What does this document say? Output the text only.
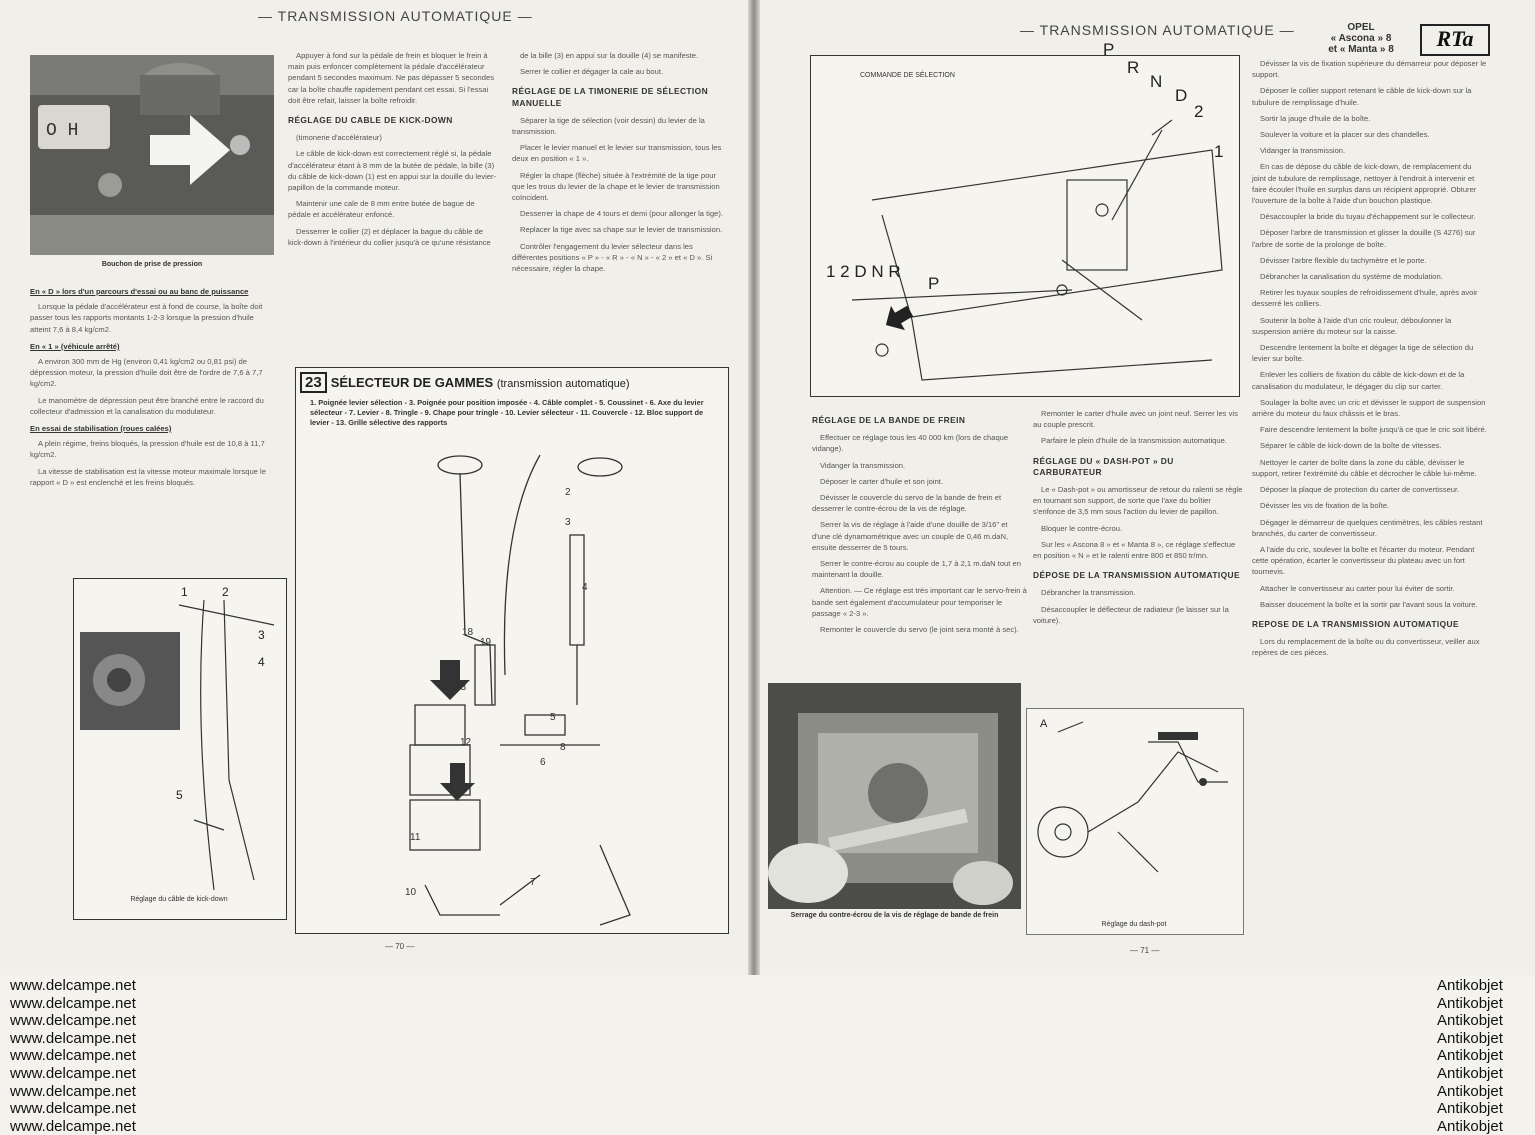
— TRANSMISSION AUTOMATIQUE —
— TRANSMISSION AUTOMATIQUE —	OPEL
« Ascona » 8
et « Manta » 8	RTa
O H
Bouchon de prise de pression

En « D » lors d'un parcours d'essai ou au banc de puissance

Lorsque la pédale d'accélérateur est à fond de course, la boîte doit passer tous les rapports montants 1-2-3 lorsque la pression d'huile atteint 7,6 à 8,4 kg/cm2.

En « 1 » (véhicule arrêté)

A environ 300 mm de Hg (environ 0,41 kg/cm2 ou 0,81 psi) de dépression moteur, la pression d'huile doit être de l'ordre de 7,6 à 7,7 kg/cm2.

Le manomètre de dépression peut être branché entre le raccord du collecteur d'admission et la canalisation du modulateur.

En essai de stabilisation (roues calées)

A plein régime, freins bloqués, la pression d'huile est de 10,8 à 11,7 kg/cm2.

La vitesse de stabilisation est la vitesse moteur maximale lorsque le rapport « D » est enclenché et les freins bloqués.

Appuyer à fond sur la pédale de frein et bloquer le frein à main puis enfoncer complètement la pédale d'accélérateur pendant 5 secondes maximum. Ne pas dépasser 5 secondes car la boîte chauffe rapidement pendant cet essai. Si l'essai doit être refait, laisser la boîte refroidir.

RÉGLAGE DU CABLE DE KICK-DOWN

(timonerie d'accélérateur)

Le câble de kick-down est correctement réglé si, la pédale d'accélérateur étant à 8 mm de la butée de pédale, la bille (3) du câble de kick-down (1) est en appui sur la douille du levier-papillon de la commande moteur.

Maintenir une cale de 8 mm entre butée de bague de pédale et accélérateur enfoncé.

Desserrer le collier (2) et déplacer la bague du câble de kick-down à l'intérieur du collier jusqu'à ce qu'une résistance

de la bille (3) en appui sur la douille (4) se manifeste.

Serrer le collier et dégager la cale au bout.

RÉGLAGE DE LA TIMONERIE DE SÉLECTION MANUELLE

Séparer la tige de sélection (voir dessin) du levier de la transmission.

Placer le levier manuel et le levier sur transmission, tous les deux en position « 1 ».

Régler la chape (flèche) située à l'extrémité de la tige pour que les trous du levier de la chape et le levier de transmission coïncident.

Desserrer la chape de 4 tours et demi (pour allonger la tige).

Replacer la tige avec sa chape sur le levier de transmission.

Contrôler l'engagement du levier sélecteur dans les différentes positions « P » - « R » - « N » - « 2 » et « D ». Si nécessaire, régler la chape.

23 SÉLECTEUR DE GAMMES (transmission automatique)
1. Poignée levier sélection - 3. Poignée pour position imposée - 4. Câble complet - 5. Coussinet - 6. Axe du levier sélecteur - 7. Levier - 8. Tringle - 9. Chape pour tringle - 10. Levier sélecteur - 11. Couvercle - 12. Bloc support de levier - 13. Grille sélective des rapports
2
3
4
18
19
13
12
5
8
6
11
10
7
1	2
3
4
5
Réglage du câble de kick-down
— 70 —
COMMANDE DE SÉLECTION
P
R
N
D
2
1
1 2 D N R
P
RÉGLAGE DE LA BANDE DE FREIN

Effectuer ce réglage tous les 40 000 km (lors de chaque vidange).

Vidanger la transmission.

Déposer le carter d'huile et son joint.

Dévisser le couvercle du servo de la bande de frein et desserrer le contre-écrou de la vis de réglage.

Serrer la vis de réglage à l'aide d'une douille de 3/16" et d'une clé dynamométrique avec un couple de 0,46 m.daN, ensuite desserrer de 5 tours.

Serrer le contre-écrou au couple de 1,7 à 2,1 m.daN tout en maintenant la douille.

Attention. — Ce réglage est très important car le servo-frein à bande sert également d'accumulateur pour temporiser le passage « 2-3 ».

Remonter le couvercle du servo (le joint sera monté à sec).

Remonter le carter d'huile avec un joint neuf. Serrer les vis au couple prescrit.

Parfaire le plein d'huile de la transmission automatique.

RÉGLAGE DU « DASH-POT » DU CARBURATEUR

Le « Dash-pot » ou amortisseur de retour du ralenti se règle en tournant son support, de sorte que l'axe du boîtier s'enfonce de 3,5 mm sous l'action du levier de papillon.

Bloquer le contre-écrou.

Sur les « Ascona 8 » et « Manta 8 », ce réglage s'effectue en position « N » et le ralenti entre 800 et 850 tr/mn.

DÉPOSE DE LA TRANSMISSION AUTOMATIQUE

Débrancher la transmission.

Désaccoupler le déflecteur de radiateur (le laisser sur la voiture).

Dévisser la vis de fixation supérieure du démarreur pour déposer le support.

Déposer le collier support retenant le câble de kick-down sur la tubulure de remplissage d'huile.

Sortir la jauge d'huile de la boîte.

Soulever la voiture et la placer sur des chandelles.

Vidanger la transmission.

En cas de dépose du câble de kick-down, de remplacement du joint de tubulure de remplissage, nettoyer à l'endroit à intervenir et faire écouler l'huile en surplus dans un récipient approprié. Obturer l'ouverture de la boîte à l'aide d'un bouchon plastique.

Désaccoupler la bride du tuyau d'échappement sur le collecteur.

Déposer l'arbre de transmission et glisser la douille (S 4276) sur l'arbre de sortie de la prolonge de boîte.

Dévisser l'arbre flexible du tachymètre et le porte.

Débrancher la canalisation du système de modulation.

Retirer les tuyaux souples de refroidissement d'huile, après avoir desserré les colliers.

Soutenir la boîte à l'aide d'un cric rouleur, déboulonner la suspension arrière du moteur sur la caisse.

Descendre lentement la boîte et dégager la tige de sélection du levier sur boîte.

Enlever les colliers de fixation du câble de kick-down et de la canalisation du modulateur, le dégager du clip sur carter.

Soulager la boîte avec un cric et dévisser le support de suspension arrière du moteur du faux châssis et le bras.

Faire descendre lentement la boîte jusqu'à ce que le cric soit libéré.

Séparer le câble de kick-down de la boîte de vitesses.

Nettoyer le carter de boîte dans la zone du câble, dévisser le support, retirer l'extrémité du câble et décrocher le câble lui-même.

Déposer la plaque de protection du carter de convertisseur.

Dévisser les vis de fixation de la boîte.

Dégager le démarreur de quelques centimètres, les câbles restant branchés, du carter de convertisseur.

A l'aide du cric, soulever la boîte et l'écarter du moteur. Pendant cette opération, écarter le convertisseur du plateau avec un fort tournevis.

Attacher le convertisseur au carter pour lui éviter de sortir.

Baisser doucement la boîte et la sortir par l'avant sous la voiture.

REPOSE DE LA TRANSMISSION AUTOMATIQUE

Lors du remplacement de la boîte ou du convertisseur, veiller aux repères de ces pièces.

Serrage du contre-écrou de la vis de réglage de bande de frein
A
Réglage du dash-pot
— 71 —
www.delcampe.net
www.delcampe.net
www.delcampe.net
www.delcampe.net
www.delcampe.net
www.delcampe.net
www.delcampe.net
www.delcampe.net
www.delcampe.net
Antikobjet
Antikobjet
Antikobjet
Antikobjet
Antikobjet
Antikobjet
Antikobjet
Antikobjet
Antikobjet
